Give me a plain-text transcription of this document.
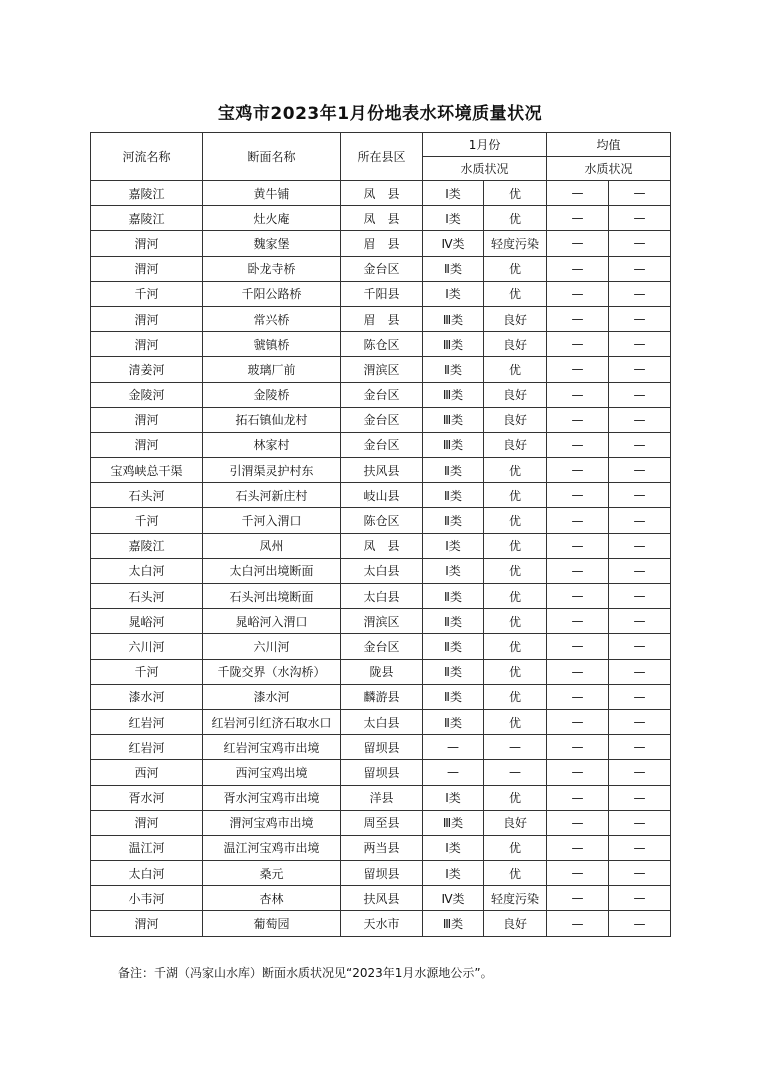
宝鸡市2023年1月份地表水环境质量状况
河流名称	断面名称	所在县区	1月份		均值	
			水质状况		水质状况	
嘉陵江	黄牛铺	凤　县	Ⅰ类	优	—	—
嘉陵江	灶火庵	凤　县	Ⅰ类	优	—	—
渭河	魏家堡	眉　县	Ⅳ类	轻度污染	—	—
渭河	卧龙寺桥	金台区	Ⅱ类	优	—	—
千河	千阳公路桥	千阳县	Ⅰ类	优	—	—
渭河	常兴桥	眉　县	Ⅲ类	良好	—	—
渭河	虢镇桥	陈仓区	Ⅲ类	良好	—	—
清姜河	玻璃厂前	渭滨区	Ⅱ类	优	—	—
金陵河	金陵桥	金台区	Ⅲ类	良好	—	—
渭河	拓石镇仙龙村	金台区	Ⅲ类	良好	—	—
渭河	林家村	金台区	Ⅲ类	良好	—	—
宝鸡峡总干渠	引渭渠灵护村东	扶风县	Ⅱ类	优	—	—
石头河	石头河新庄村	岐山县	Ⅱ类	优	—	—
千河	千河入渭口	陈仓区	Ⅱ类	优	—	—
嘉陵江	凤州	凤　县	Ⅰ类	优	—	—
太白河	太白河出境断面	太白县	Ⅰ类	优	—	—
石头河	石头河出境断面	太白县	Ⅱ类	优	—	—
晁峪河	晁峪河入渭口	渭滨区	Ⅱ类	优	—	—
六川河	六川河	金台区	Ⅱ类	优	—	—
千河	千陇交界（水沟桥）	陇县	Ⅱ类	优	—	—
漆水河	漆水河	麟游县	Ⅱ类	优	—	—
红岩河	红岩河引红济石取水口	太白县	Ⅱ类	优	—	—
红岩河	红岩河宝鸡市出境	留坝县	—	—	—	—
西河	西河宝鸡出境	留坝县	—	—	—	—
胥水河	胥水河宝鸡市出境	洋县	Ⅰ类	优	—	—
渭河	渭河宝鸡市出境	周至县	Ⅲ类	良好	—	—
温江河	温江河宝鸡市出境	两当县	Ⅰ类	优	—	—
太白河	桑元	留坝县	Ⅰ类	优	—	—
小韦河	杏林	扶风县	Ⅳ类	轻度污染	—	—
渭河	葡萄园	天水市	Ⅲ类	良好	—	—

备注：千湖（冯家山水库）断面水质状况见“2023年1月水源地公示”。
